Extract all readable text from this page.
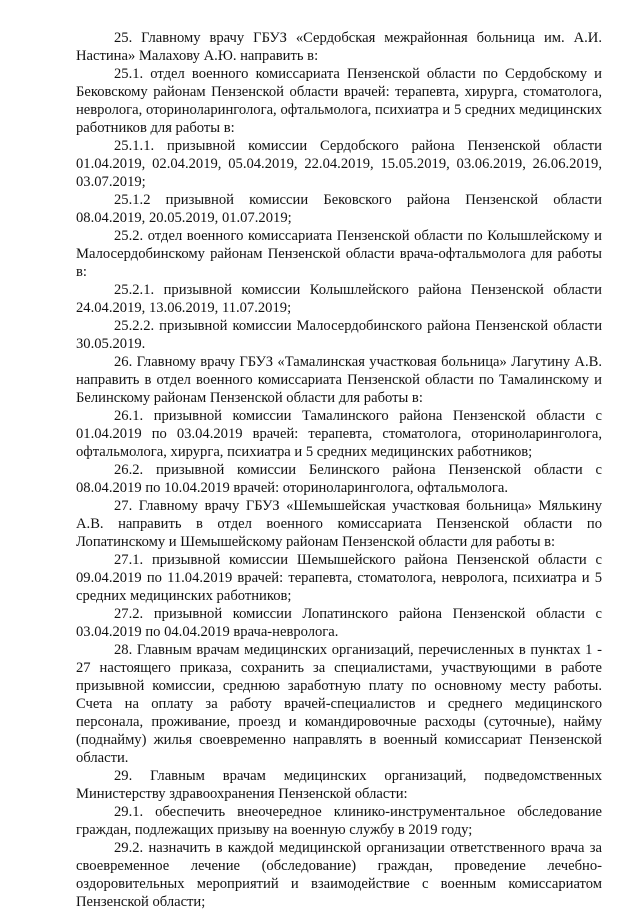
25. Главному врачу ГБУЗ «Сердобская межрайонная больница им. А.И. Настина» Малахову А.Ю. направить в:

25.1. отдел военного комиссариата Пензенской области по Сердобскому и Бековскому районам Пензенской области врачей: терапевта, хирурга, стоматолога, невролога, оториноларинголога, офтальмолога, психиатра и 5 средних медицинских работников для работы в:

25.1.1. призывной комиссии Сердобского района Пензенской области 01.04.2019, 02.04.2019, 05.04.2019, 22.04.2019, 15.05.2019, 03.06.2019, 26.06.2019, 03.07.2019;

25.1.2 призывной комиссии Бековского района Пензенской области 08.04.2019, 20.05.2019, 01.07.2019;

25.2. отдел военного комиссариата Пензенской области по Колышлейскому и Малосердобинскому районам Пензенской области врача-офтальмолога для работы в:

25.2.1. призывной комиссии Колышлейского района Пензенской области 24.04.2019, 13.06.2019, 11.07.2019;

25.2.2. призывной комиссии Малосердобинского района Пензенской области 30.05.2019.

26. Главному врачу ГБУЗ «Тамалинская участковая больница» Лагутину А.В. направить в отдел военного комиссариата Пензенской области по Тамалинскому и Белинскому районам Пензенской области для работы в:

26.1. призывной комиссии Тамалинского района Пензенской области с 01.04.2019 по 03.04.2019 врачей: терапевта, стоматолога, оториноларинголога, офтальмолога, хирурга, психиатра и 5 средних медицинских работников;

26.2. призывной комиссии Белинского района Пензенской области с 08.04.2019 по 10.04.2019 врачей: оториноларинголога, офтальмолога.

27. Главному врачу ГБУЗ «Шемышейская участковая больница» Мялькину А.В. направить в отдел военного комиссариата Пензенской области по Лопатинскому и Шемышейскому районам Пензенской области для работы в:

27.1. призывной комиссии Шемышейского района Пензенской области с 09.04.2019 по 11.04.2019 врачей: терапевта, стоматолога, невролога, психиатра и 5 средних медицинских работников;

27.2. призывной комиссии Лопатинского района Пензенской области с 03.04.2019 по 04.04.2019 врача-невролога.

28. Главным врачам медицинских организаций, перечисленных в пунктах 1 - 27 настоящего приказа, сохранить за специалистами, участвующими в работе призывной комиссии, среднюю заработную плату по основному месту работы. Счета на оплату за работу врачей-специалистов и среднего медицинского персонала, проживание, проезд и командировочные расходы (суточные), найму (поднайму) жилья своевременно направлять в военный комиссариат Пензенской области.

29. Главным врачам медицинских организаций, подведомственных Министерству здравоохранения Пензенской области:

29.1. обеспечить внеочередное клинико-инструментальное обследование граждан, подлежащих призыву на военную службу в 2019 году;

29.2. назначить в каждой медицинской организации ответственного врача за своевременное лечение (обследование) граждан, проведение лечебно-оздоровительных мероприятий и взаимодействие с военным комиссариатом Пензенской области;
